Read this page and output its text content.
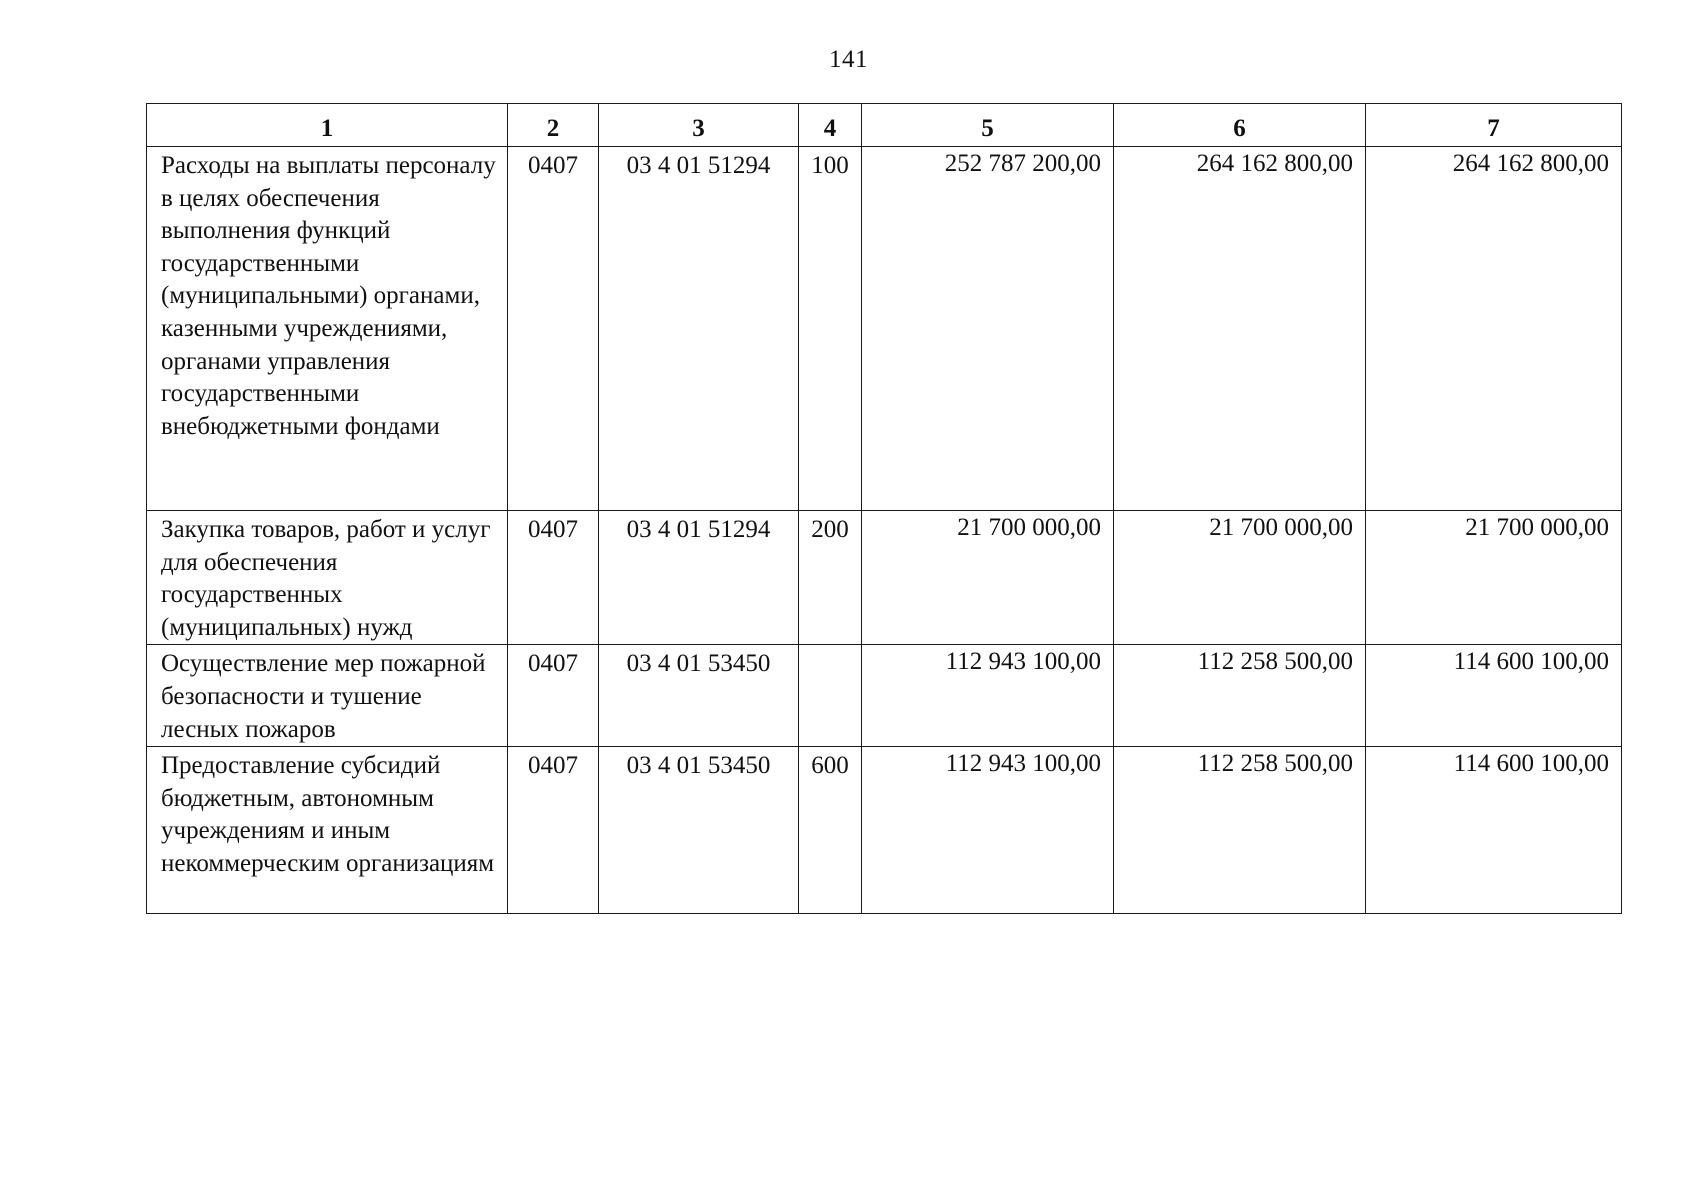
141
1	2	3	4	5	6	7
Расходы на выплаты персоналу в целях обеспечения выполнения функций государственными (муниципальными) органами, казенными учреждениями, органами управления государственными внебюджетными фондами	0407	03 4 01 51294	100	252 787 200,00	264 162 800,00	264 162 800,00
Закупка товаров, работ и услуг для обеспечения государственных (муниципальных) нужд	0407	03 4 01 51294	200	21 700 000,00	21 700 000,00	21 700 000,00
Осуществление мер пожарной безопасности и тушение лесных пожаров	0407	03 4 01 53450		112 943 100,00	112 258 500,00	114 600 100,00
Предоставление субсидий бюджетным, автономным учреждениям и иным некоммерческим организациям	0407	03 4 01 53450	600	112 943 100,00	112 258 500,00	114 600 100,00
